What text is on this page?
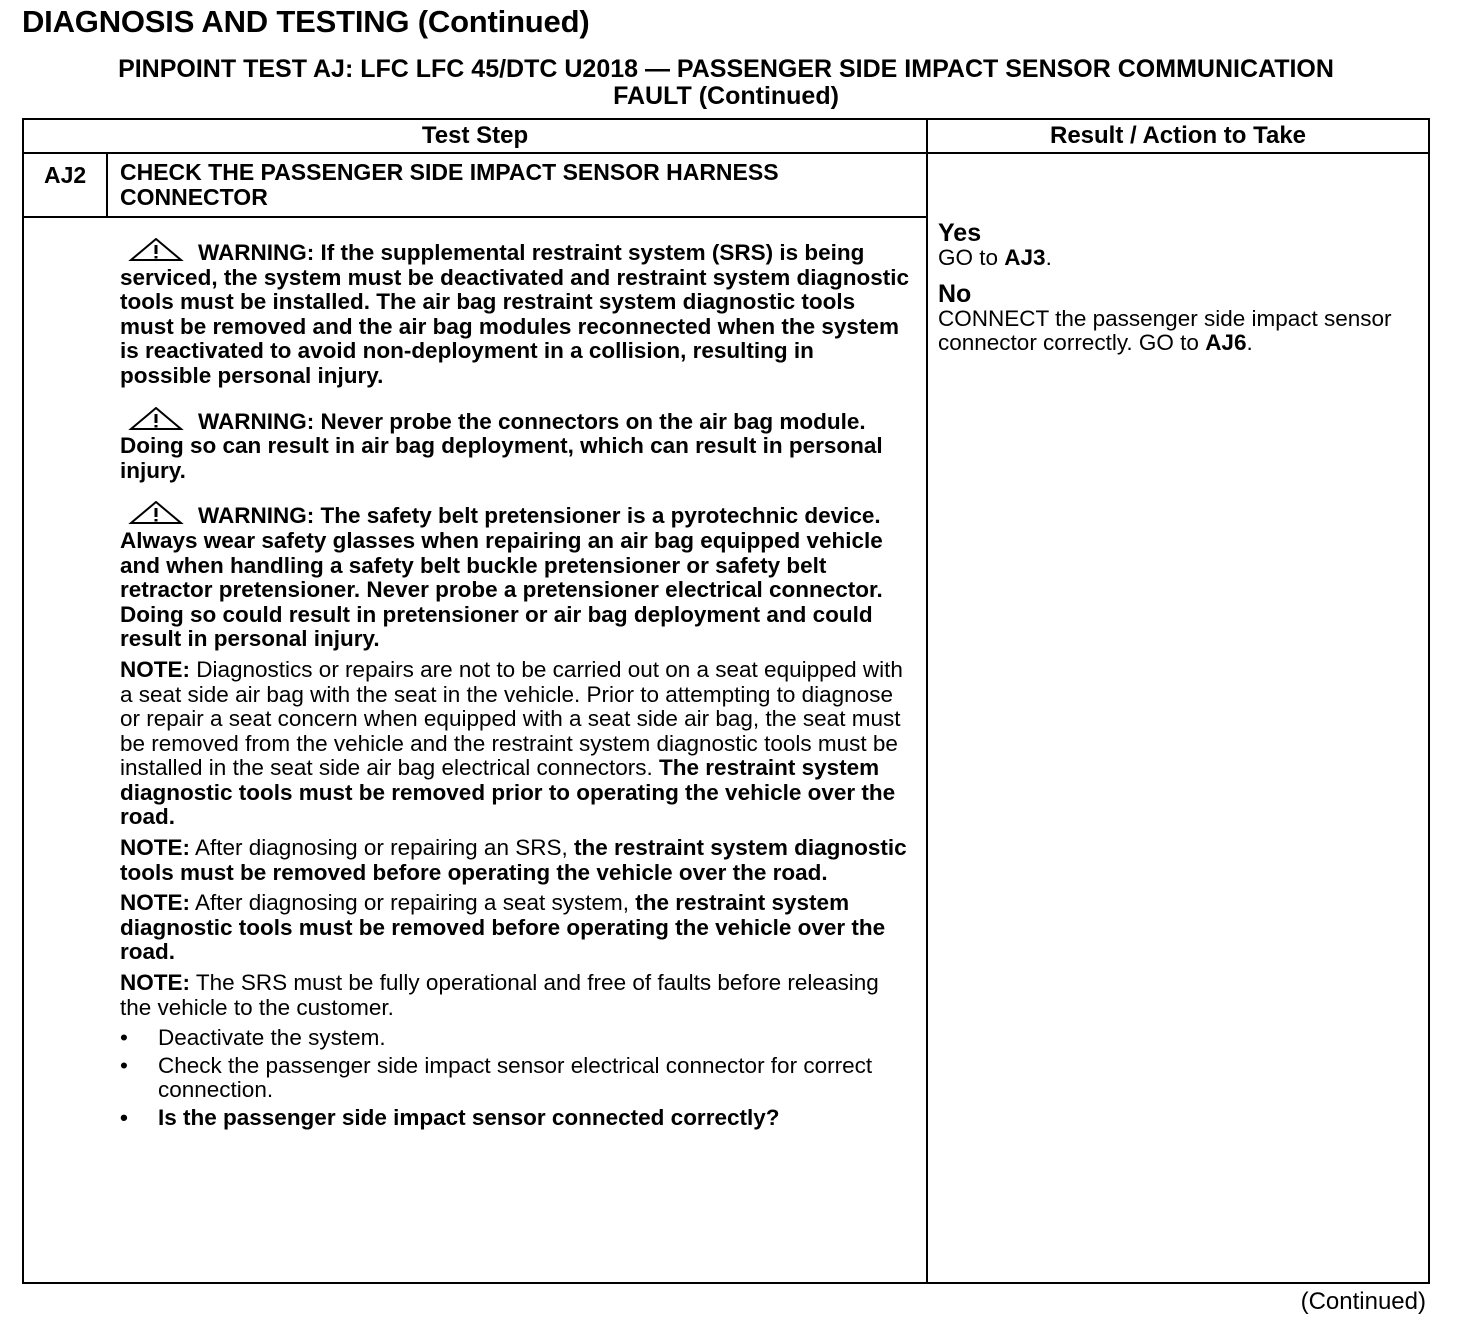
DIAGNOSIS AND TESTING (Continued)
PINPOINT TEST AJ: LFC LFC 45/DTC U2018 — PASSENGER SIDE IMPACT SENSOR COMMUNICATION
FAULT (Continued)
Test Step	Result / Action to Take
AJ2 CHECK THE PASSENGER SIDE IMPACT SENSOR HARNESS CONNECTOR

WARNING: If the supplemental restraint system (SRS) is being serviced, the system must be deactivated and restraint system diagnostic tools must be installed. The air bag restraint system diagnostic tools must be removed and the air bag modules reconnected when the system is reactivated to avoid non-deployment in a collision, resulting in possible personal injury.

WARNING: Never probe the connectors on the air bag module. Doing so can result in air bag deployment, which can result in personal injury.

WARNING: The safety belt pretensioner is a pyrotechnic device. Always wear safety glasses when repairing an air bag equipped vehicle and when handling a safety belt buckle pretensioner or safety belt retractor pretensioner. Never probe a pretensioner electrical connector. Doing so could result in pretensioner or air bag deployment and could result in personal injury.

NOTE: Diagnostics or repairs are not to be carried out on a seat equipped with a seat side air bag with the seat in the vehicle. Prior to attempting to diagnose or repair a seat concern when equipped with a seat side air bag, the seat must be removed from the vehicle and the restraint system diagnostic tools must be installed in the seat side air bag electrical connectors. The restraint system diagnostic tools must be removed prior to operating the vehicle over the road.

NOTE: After diagnosing or repairing an SRS, the restraint system diagnostic tools must be removed before operating the vehicle over the road.

NOTE: After diagnosing or repairing a seat system, the restraint system diagnostic tools must be removed before operating the vehicle over the road.

NOTE: The SRS must be fully operational and free of faults before releasing the vehicle to the customer.

• Deactivate the system.
• Check the passenger side impact sensor electrical connector for correct connection.
• Is the passenger side impact sensor connected correctly?
Yes
GO to AJ3.
No
CONNECT the passenger side impact sensor connector correctly. GO to AJ6.
(Continued)
